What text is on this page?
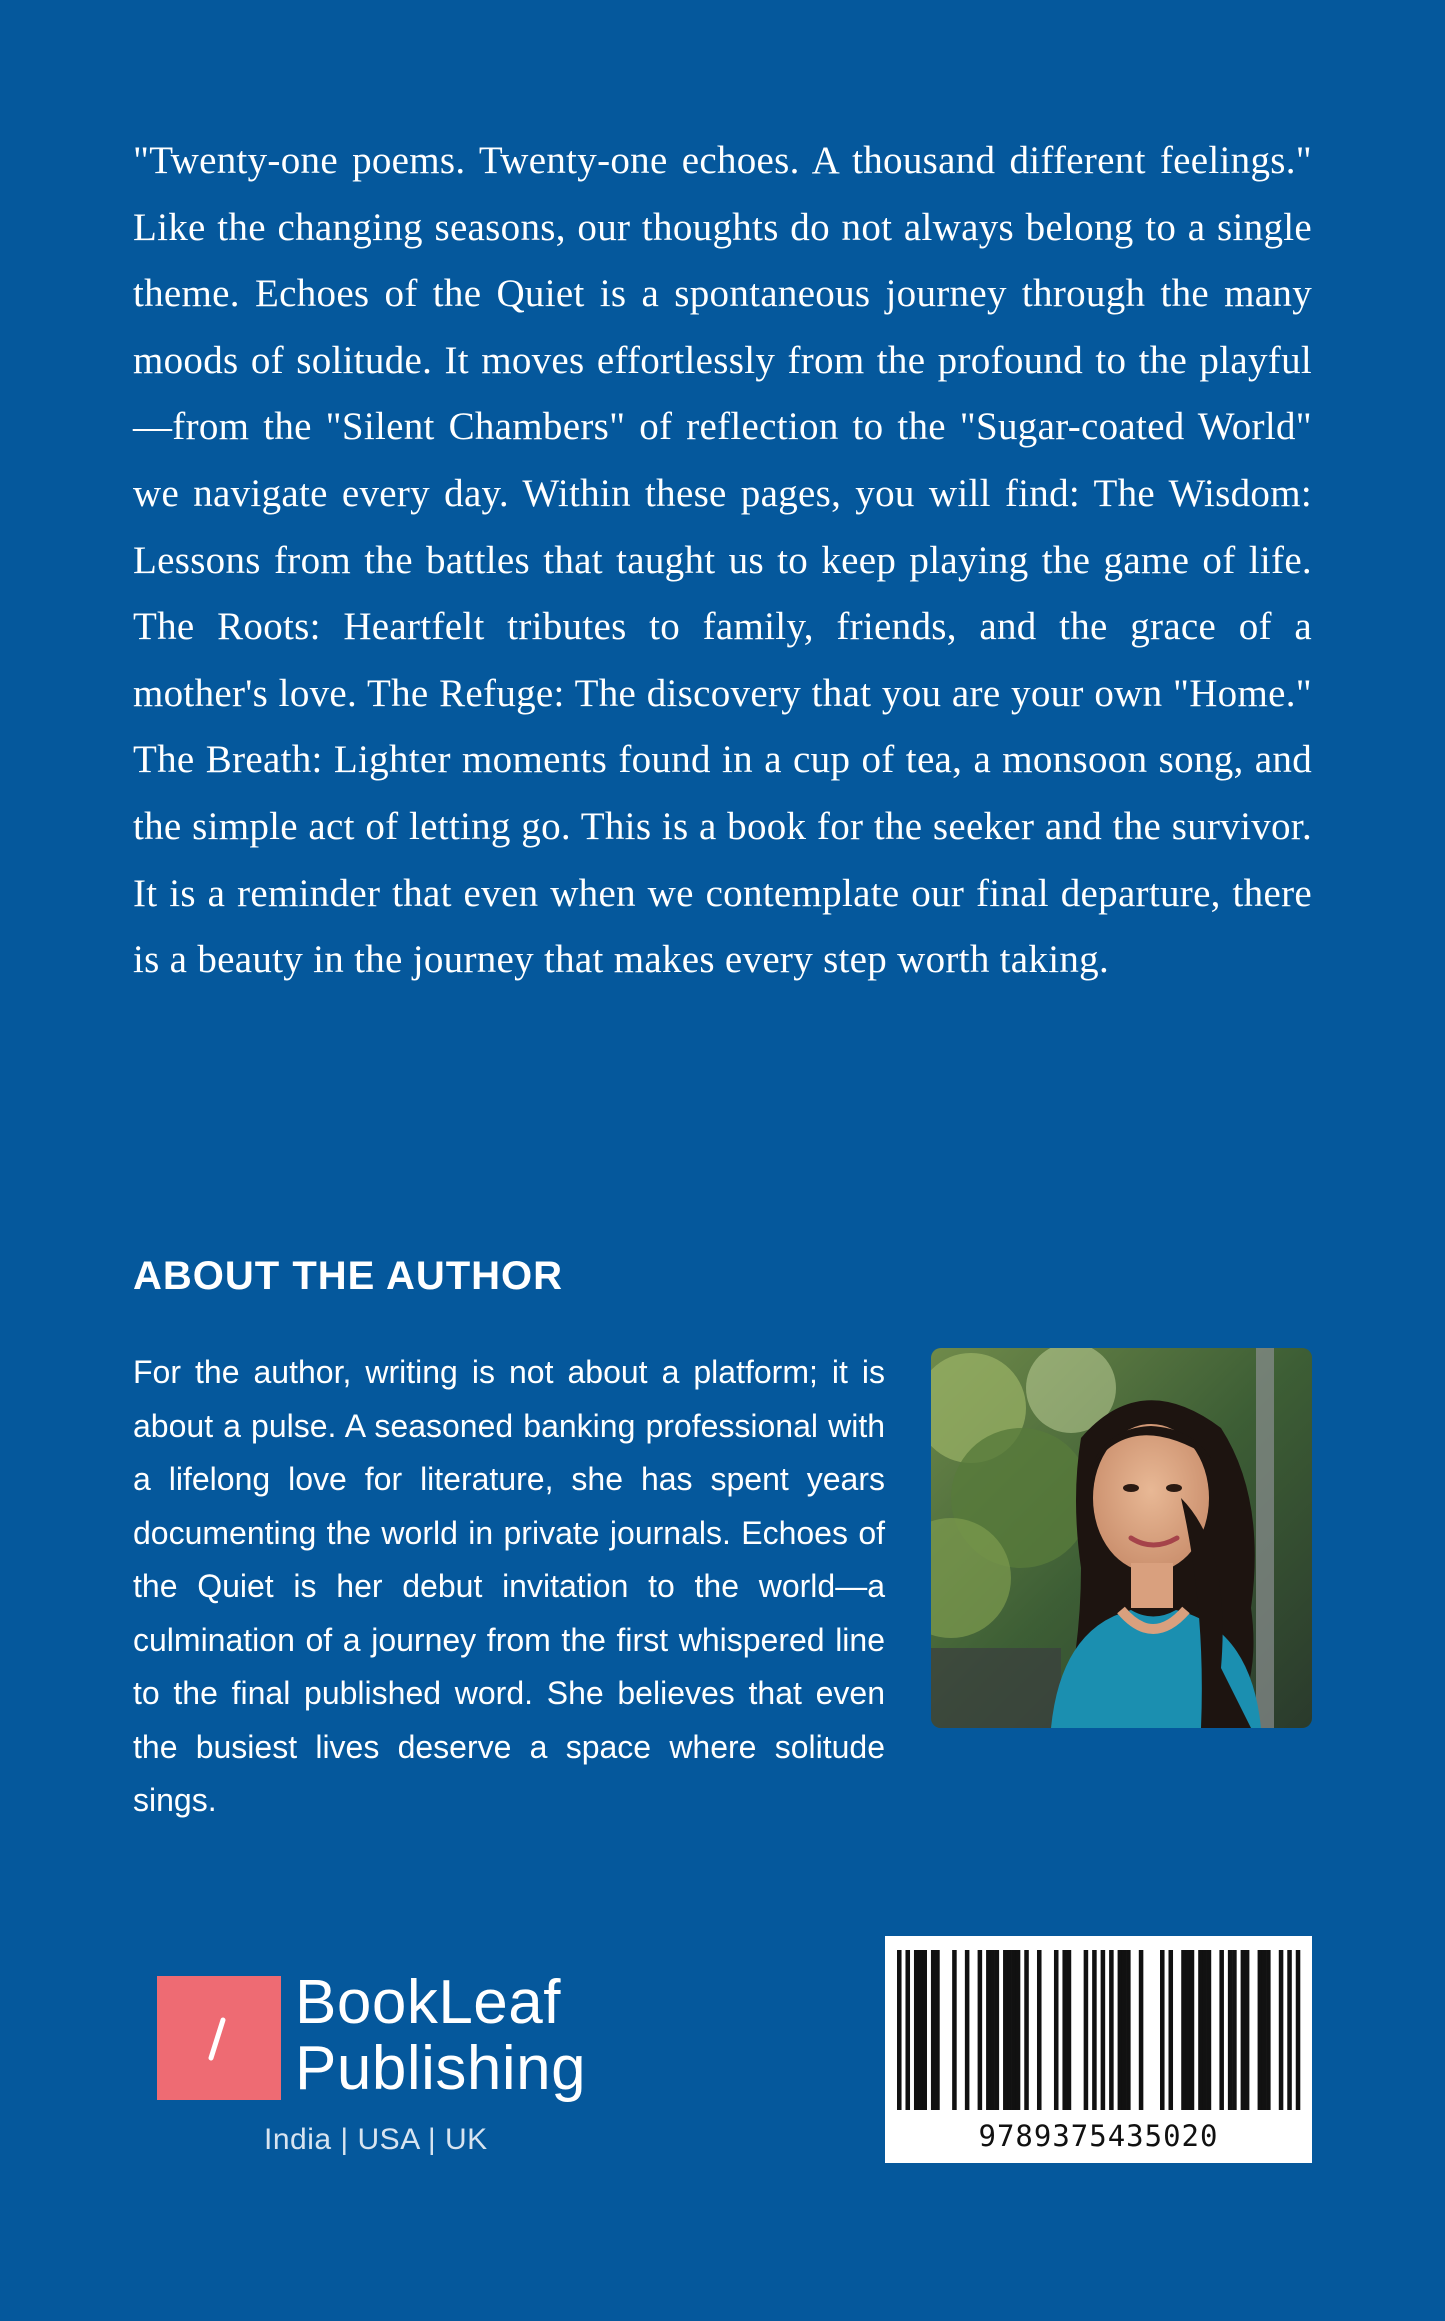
"Twenty-one poems. Twenty-one echoes. A thousand different feelings." Like the changing seasons, our thoughts do not always belong to a single theme. Echoes of the Quiet is a spontaneous journey through the many moods of solitude. It moves effortlessly from the profound to the playful—from the "Silent Chambers" of reflection to the "Sugar-coated World" we navigate every day. Within these pages, you will find: The Wisdom: Lessons from the battles that taught us to keep playing the game of life. The Roots: Heartfelt tributes to family, friends, and the grace of a mother's love. The Refuge: The discovery that you are your own "Home." The Breath: Lighter moments found in a cup of tea, a monsoon song, and the simple act of letting go. This is a book for the seeker and the survivor. It is a reminder that even when we contemplate our final departure, there is a beauty in the journey that makes every step worth taking.

ABOUT THE AUTHOR

For the author, writing is not about a platform; it is about a pulse. A seasoned banking professional with a lifelong love for literature, she has spent years documenting the world in private journals. Echoes of the Quiet is her debut invitation to the world—a culmination of a journey from the first whispered line to the final published word. She believes that even the busiest lives deserve a space where solitude sings.

BookLeaf
Publishing
India | USA | UK	9789375435020
